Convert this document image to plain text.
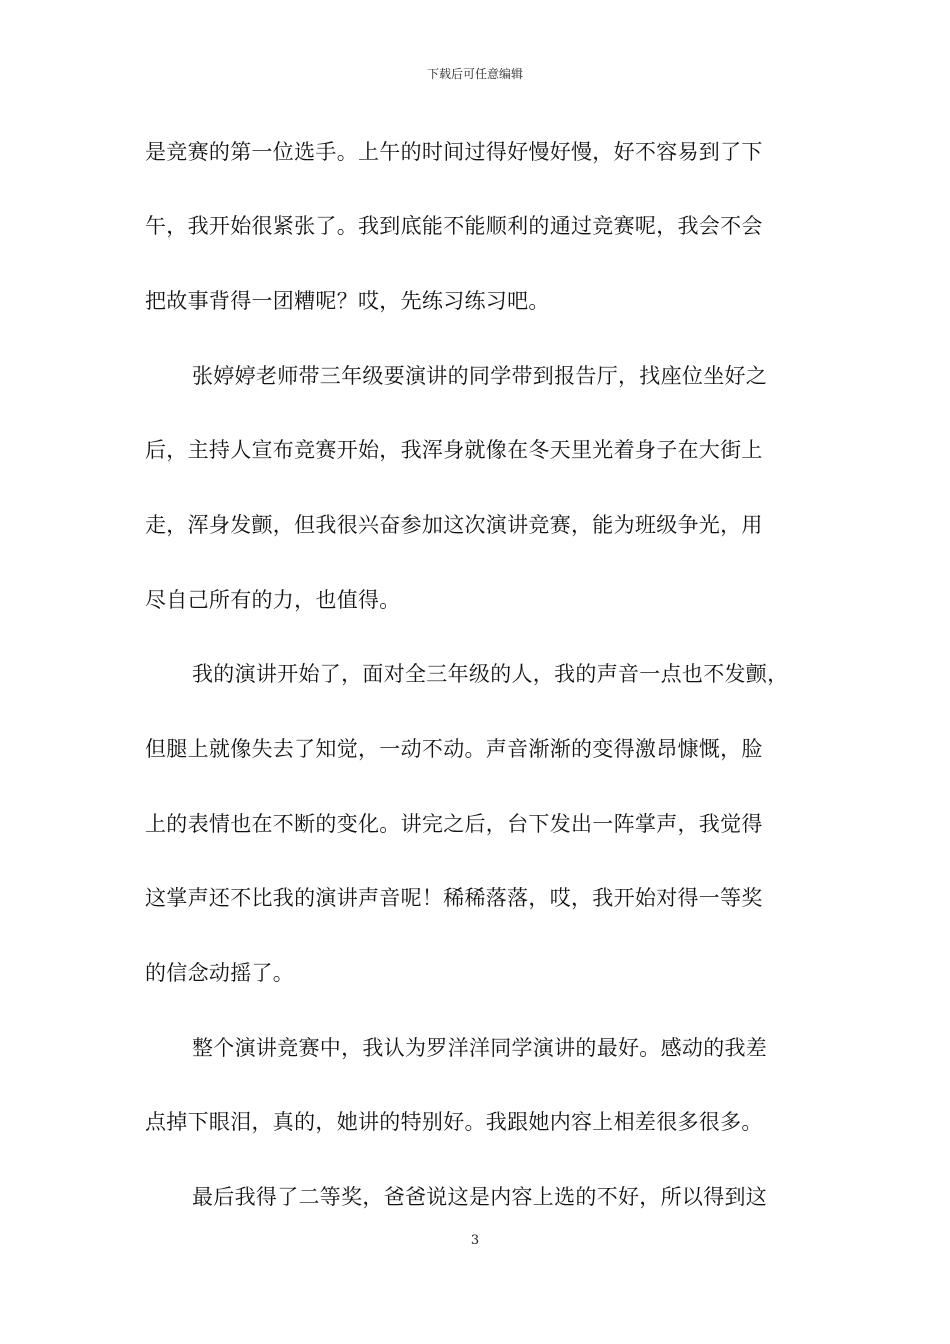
下载后可任意编辑
是竞赛的第一位选手。上午的时间过得好慢好慢，好不容易到了下
午，我开始很紧张了。我到底能不能顺利的通过竞赛呢，我会不会
把故事背得一团糟呢？哎，先练习练习吧。
张婷婷老师带三年级要演讲的同学带到报告厅，找座位坐好之
后，主持人宣布竞赛开始，我浑身就像在冬天里光着身子在大街上
走，浑身发颤，但我很兴奋参加这次演讲竞赛，能为班级争光，用
尽自己所有的力，也值得。
我的演讲开始了，面对全三年级的人，我的声音一点也不发颤，
但腿上就像失去了知觉，一动不动。声音渐渐的变得激昂慷慨，脸
上的表情也在不断的变化。讲完之后，台下发出一阵掌声，我觉得
这掌声还不比我的演讲声音呢！稀稀落落，哎，我开始对得一等奖
的信念动摇了。
整个演讲竞赛中，我认为罗洋洋同学演讲的最好。感动的我差
点掉下眼泪，真的，她讲的特别好。我跟她内容上相差很多很多。
最后我得了二等奖，爸爸说这是内容上选的不好，所以得到这
3
